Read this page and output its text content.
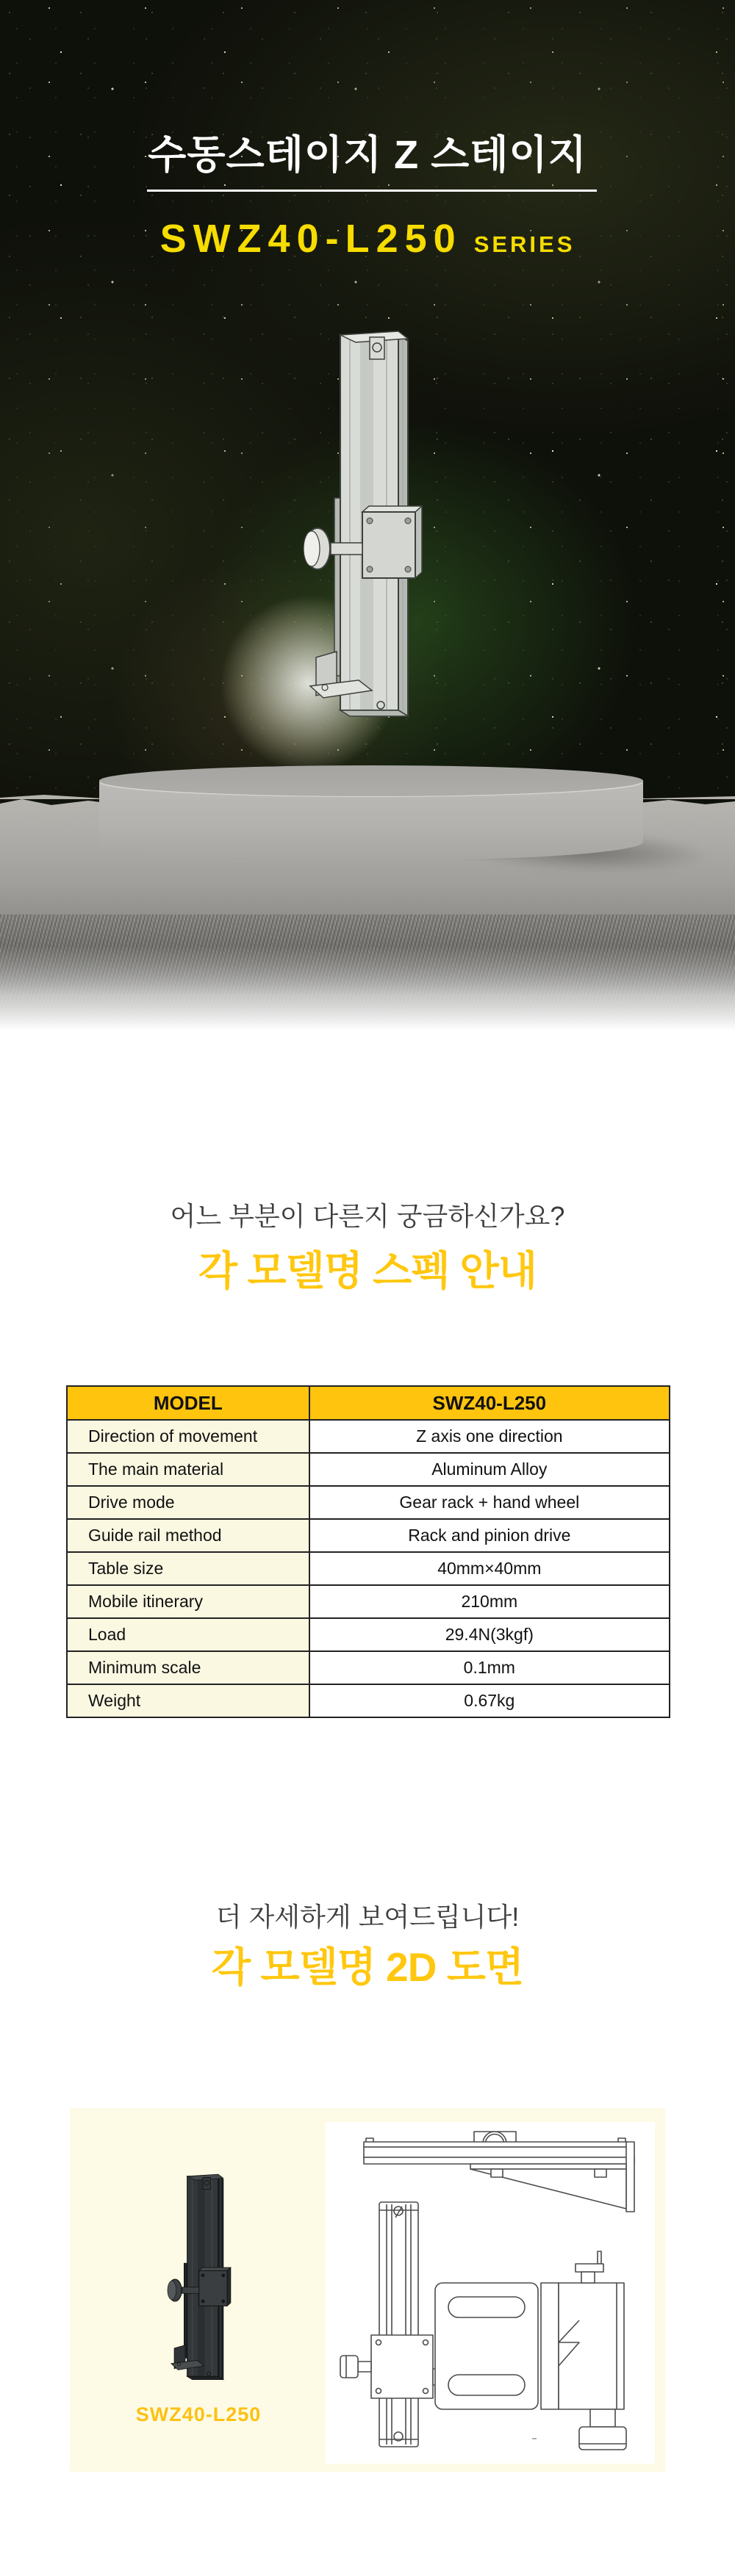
수동스테이지 Z 스테이지
SWZ40-L250 SERIES
어느 부분이 다른지 궁금하신가요?
각 모델명 스펙 안내
MODEL	SWZ40-L250
Direction of movement	Z axis one direction
The main material	Aluminum Alloy
Drive mode	Gear rack + hand wheel
Guide rail method	Rack and pinion drive
Table size	40mm×40mm
Mobile itinerary	210mm
Load	29.4N(3kgf)
Minimum scale	0.1mm
Weight	0.67kg
더 자세하게 보여드립니다!
각 모델명 2D 도면
SWZ40-L250
